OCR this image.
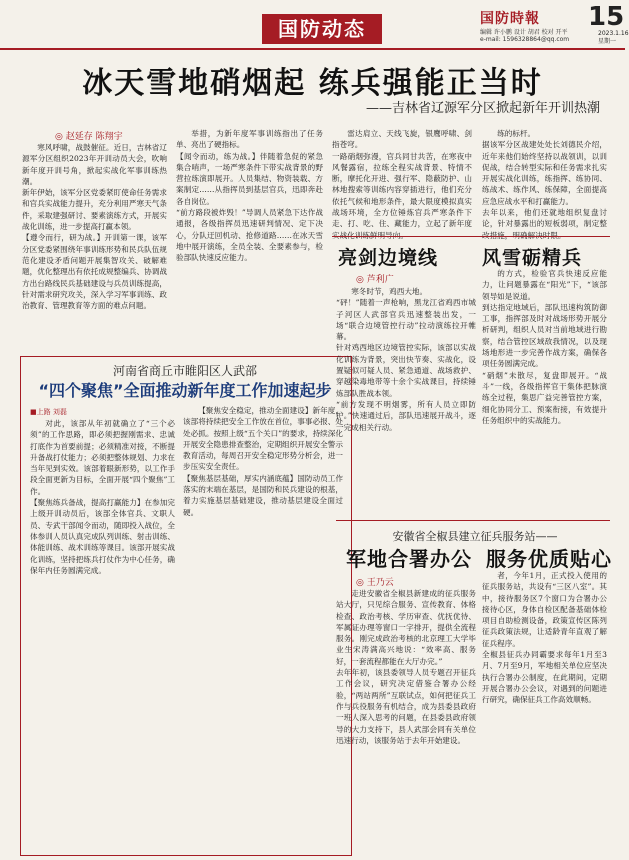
国防动态	国防時報 15
编辑 许小鹏 设计 胡君 校对 开平
e-mail: 1596328864@qq.com
2023.1.16
星期一
冰天雪地硝烟起 练兵强能正当时
——吉林省辽源军分区掀起新年开训热潮
◎ 赵延存 陈翔宇

寒风呼啸，战鼓催征。近日，吉林省辽源军分区组织2023年开训动员大会，吹响新年度开训号角，掀起实战化军事训练热潮。
新年伊始，该军分区党委紧盯使命任务需求和官兵实战能力提升，充分利用严寒天气条件，采取建强研讨、要素演练方式，开展实战化训练，进一步提高打赢本领。
【遵令而行，研为战。】开训第一课，该军分区党委紧围绕年事训练形势和民兵队伍规范化建设矛盾问题开展集智攻关、破解难题，优化整理出有依托成规整编兵、协调战方出台路线民兵基础建设与兵员训练提高，针对需求研究攻关，深入学习军事训练、政治教育、管理教育等方面的难点问题。

举措，为新年度军事训练指出了任务单、亮出了硬指标。
【闻令而动，练为战。】伴随着急促的紧急集合哨声，一场严寒条件下带实战背景的野营拉练演即展开。人员集结、物资装载、方案制定……从指挥员到基层官兵，迅即奔赴各自岗位。
“前方路段被炸毁！”导调人员紧急下达作战通报，各级指挥员迅速研判情况、定下决心，分队迂回机动、抢修道路……在冰天雪地中展开演练，全员全装、全要素参与，检验部队快速反应能力。

雷达肩立、天线飞旋，银鹰呼啸、剑指苍穹。
一路硝烟弥漫，官兵同甘共苦，在寒夜中风餐露宿，拉练全程实战背景、特情不断，摩托化开进、强行军、隐蔽防护、山林地搜索等训练内容穿插进行，他们充分依托气候和地形条件，最大限度模拟真实战场环境，全方位锤炼官兵严寒条件下走、打、吃、住、藏能力，立起了新年度

练的标杆。
据该军分区战建处处长刘德民介绍，近年来他们始终坚持以战领训，以训促战，结合转型实际和任务需求扎实开展实战化训练，练指挥、练协同、练战术、练作风、练保障，全面提高应急应战水平和打赢能力。
去年以来，他们还就地组织复盘讨论，针对暴露出的短板弱项，制定整

河南省商丘市睢阳区人武部
“四个聚焦”全面推动新年度工作加速起步
■上路 刘磊

对此，该部从年初就确立了“三个必须”的工作思路，即必须把握刚需求、忠诚打底作为首要前提；必须精准对接，不断提升备战打仗能力；必须把整体规划、力求在当年见到实效。该部着眼新形势，以工作手段全面更新为目标，全面开展“四个聚焦”工作。
【聚焦练兵备战，提高打赢能力】在参加完上级开训动员后，该部全体官兵、文职人员、专武干部闻令而动，随即投入战位，全体参训人员认真完成队列训练、射击训练、体能训练、战术训练等课目。该部开展实战化训练，坚持把练兵打仗作为中心任务，确保年内任务圆满完成。

【聚焦安全稳定，推动全面建设】新年度，该部将持续把安全工作放在首位，事事必报、处处必抓。按照上级“五个关口”的要求，持续深化开展安全隐患排查整治，定期组织开展安全警示教育活动，每周召开安全稳定形势分析会，进一步压实安全责任。
【聚焦基层基础，厚实内涵底蕴】国防动员工作落实的末端在基层，是国防和民兵建设的根基，着力实施基层基础建设，推动基层建设全面过硬。

亮剑边境线 风雪砺精兵
◎ 芦利广

寒冬时节，鸡西大地。
“砰！”随着一声枪响，黑龙江省鸡西市城子河区人武部官兵迅速整装出发，一场“联合边境管控行动”拉动演练拉开帷幕。
针对鸡西地区边境管控实际，该部以实战化训练为背景，突出快节奏、实战化，设置疑似可疑人员、紧急通道、战场救护、穿越染毒地带等十余个实战课目，持续锤炼部队胜战本领。
“前方发现不明烟雾，所有人员立即防护。”快速通过后，部队迅速展开战斗，逐一完成相关行动。

的方式，检验官兵快速反应能力，让问题暴露在“阳光”下，“该部领导如是说道。
到达指定地域后，部队迅速构筑防御工事，指挥部及时对战场形势开展分析研判，组织人员对当前地域进行勘察，结合管控区域敌我情况，以及现场地形进一步完善作战方案，确保各项任务圆满完成。
“硝烟”未散尽，复盘即展开。“战斗”一线，各级指挥官干集体把脉演练全过程，集思广益完善管控方案，细化协同分工、预案衔接，有效提升任务组织中的实战能力。

安徽省全椒县建立征兵服务站——
军地合署办公 服务优质贴心
◎ 王乃云

走进安徽省全椒县新建成的征兵服务站大厅，只见综合服务、宣传教育、体格检查、政治考核、学历审查、优抚优待、军属证办理等窗口一字排开，提供全流程服务。刚完成政治考核的北京理工大学毕业生宋涛满高兴地说：“效率高、服务好，一套流程都能在大厅办完。”
去年年初，该县委领导人员专题召开征兵工作会议，研究决定借鉴合署办公经验，“两站两所”互联试点，如何把征兵工作与兵役服务有机结合，成为县委县政府一班人深入思考的问题，在县委县政府领导的大力支持下，县人武部会同有关单位迅速行动，该服务站于去年开始建设。

者，今年1月，正式投入使用的征兵服务站，共设有“三区八室”。其中，接待服务区7个窗口为合署办公接待心区，身体自检区配备基础体检项目自助检测设备，政策宣传区陈列征兵政策法规，让适龄青年直观了解征兵程序。
全椒县征兵办同霸要求每年1月至3月、7月至9月，军地相关单位应坚决执行合署办公制度，在此期间，定期开展合署办公会议，对遇到的问题进行研究，确保征兵工作高效顺畅。
